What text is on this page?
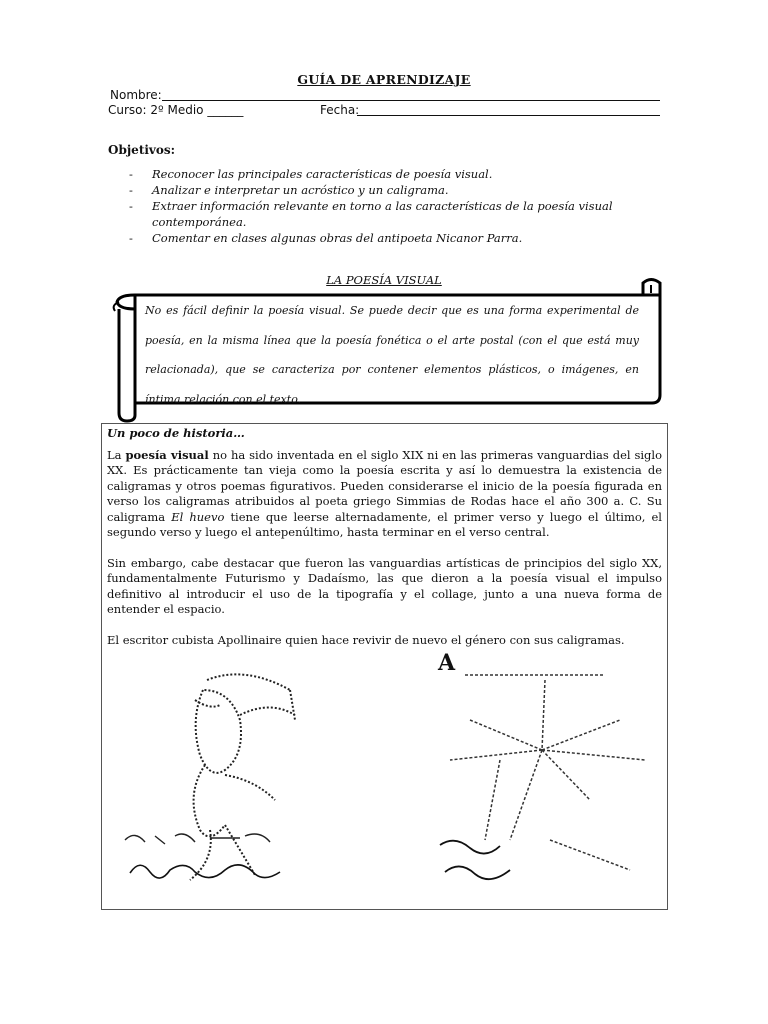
GUÍA DE APRENDIZAJE
Nombre:
Curso: 2º Medio ______	Fecha:
Objetivos:
- Reconocer las principales características de poesía visual.
- Analizar e interpretar un acróstico y un caligrama.
- Extraer información relevante en torno a las características de la poesía visual contemporánea.
- Comentar en clases algunas obras del antipoeta Nicanor Parra.
LA POESÍA VISUAL
No es fácil definir la poesía visual. Se puede decir que es una forma experimental de poesía, en la misma línea que la poesía fonética o el arte postal (con el que está muy relacionada), que se caracteriza por contener elementos plásticos, o imágenes, en íntima relación con el texto.

Un poco de historia…

La poesía visual no ha sido inventada en el siglo XIX ni en las primeras vanguardias del siglo XX. Es prácticamente tan vieja como la poesía escrita y así lo demuestra la existencia de caligramas y otros poemas figurativos. Pueden considerarse el inicio de la poesía figurada en verso los caligramas atribuidos al poeta griego Simmias de Rodas hace el año 300 a. C. Su caligrama El huevo tiene que leerse alternadamente, el primer verso y luego el último, el segundo verso y luego el antepenúltimo, hasta terminar en el verso central.

Sin embargo, cabe destacar que fueron las vanguardias artísticas de principios del siglo XX, fundamentalmente Futurismo y Dadaísmo, las que dieron a la poesía visual el impulso definitivo al introducir el uso de la tipografía y el collage, junto a una nueva forma de entender el espacio.

El escritor cubista Apollinaire quien hace revivir de nuevo el género con sus caligramas.

A
